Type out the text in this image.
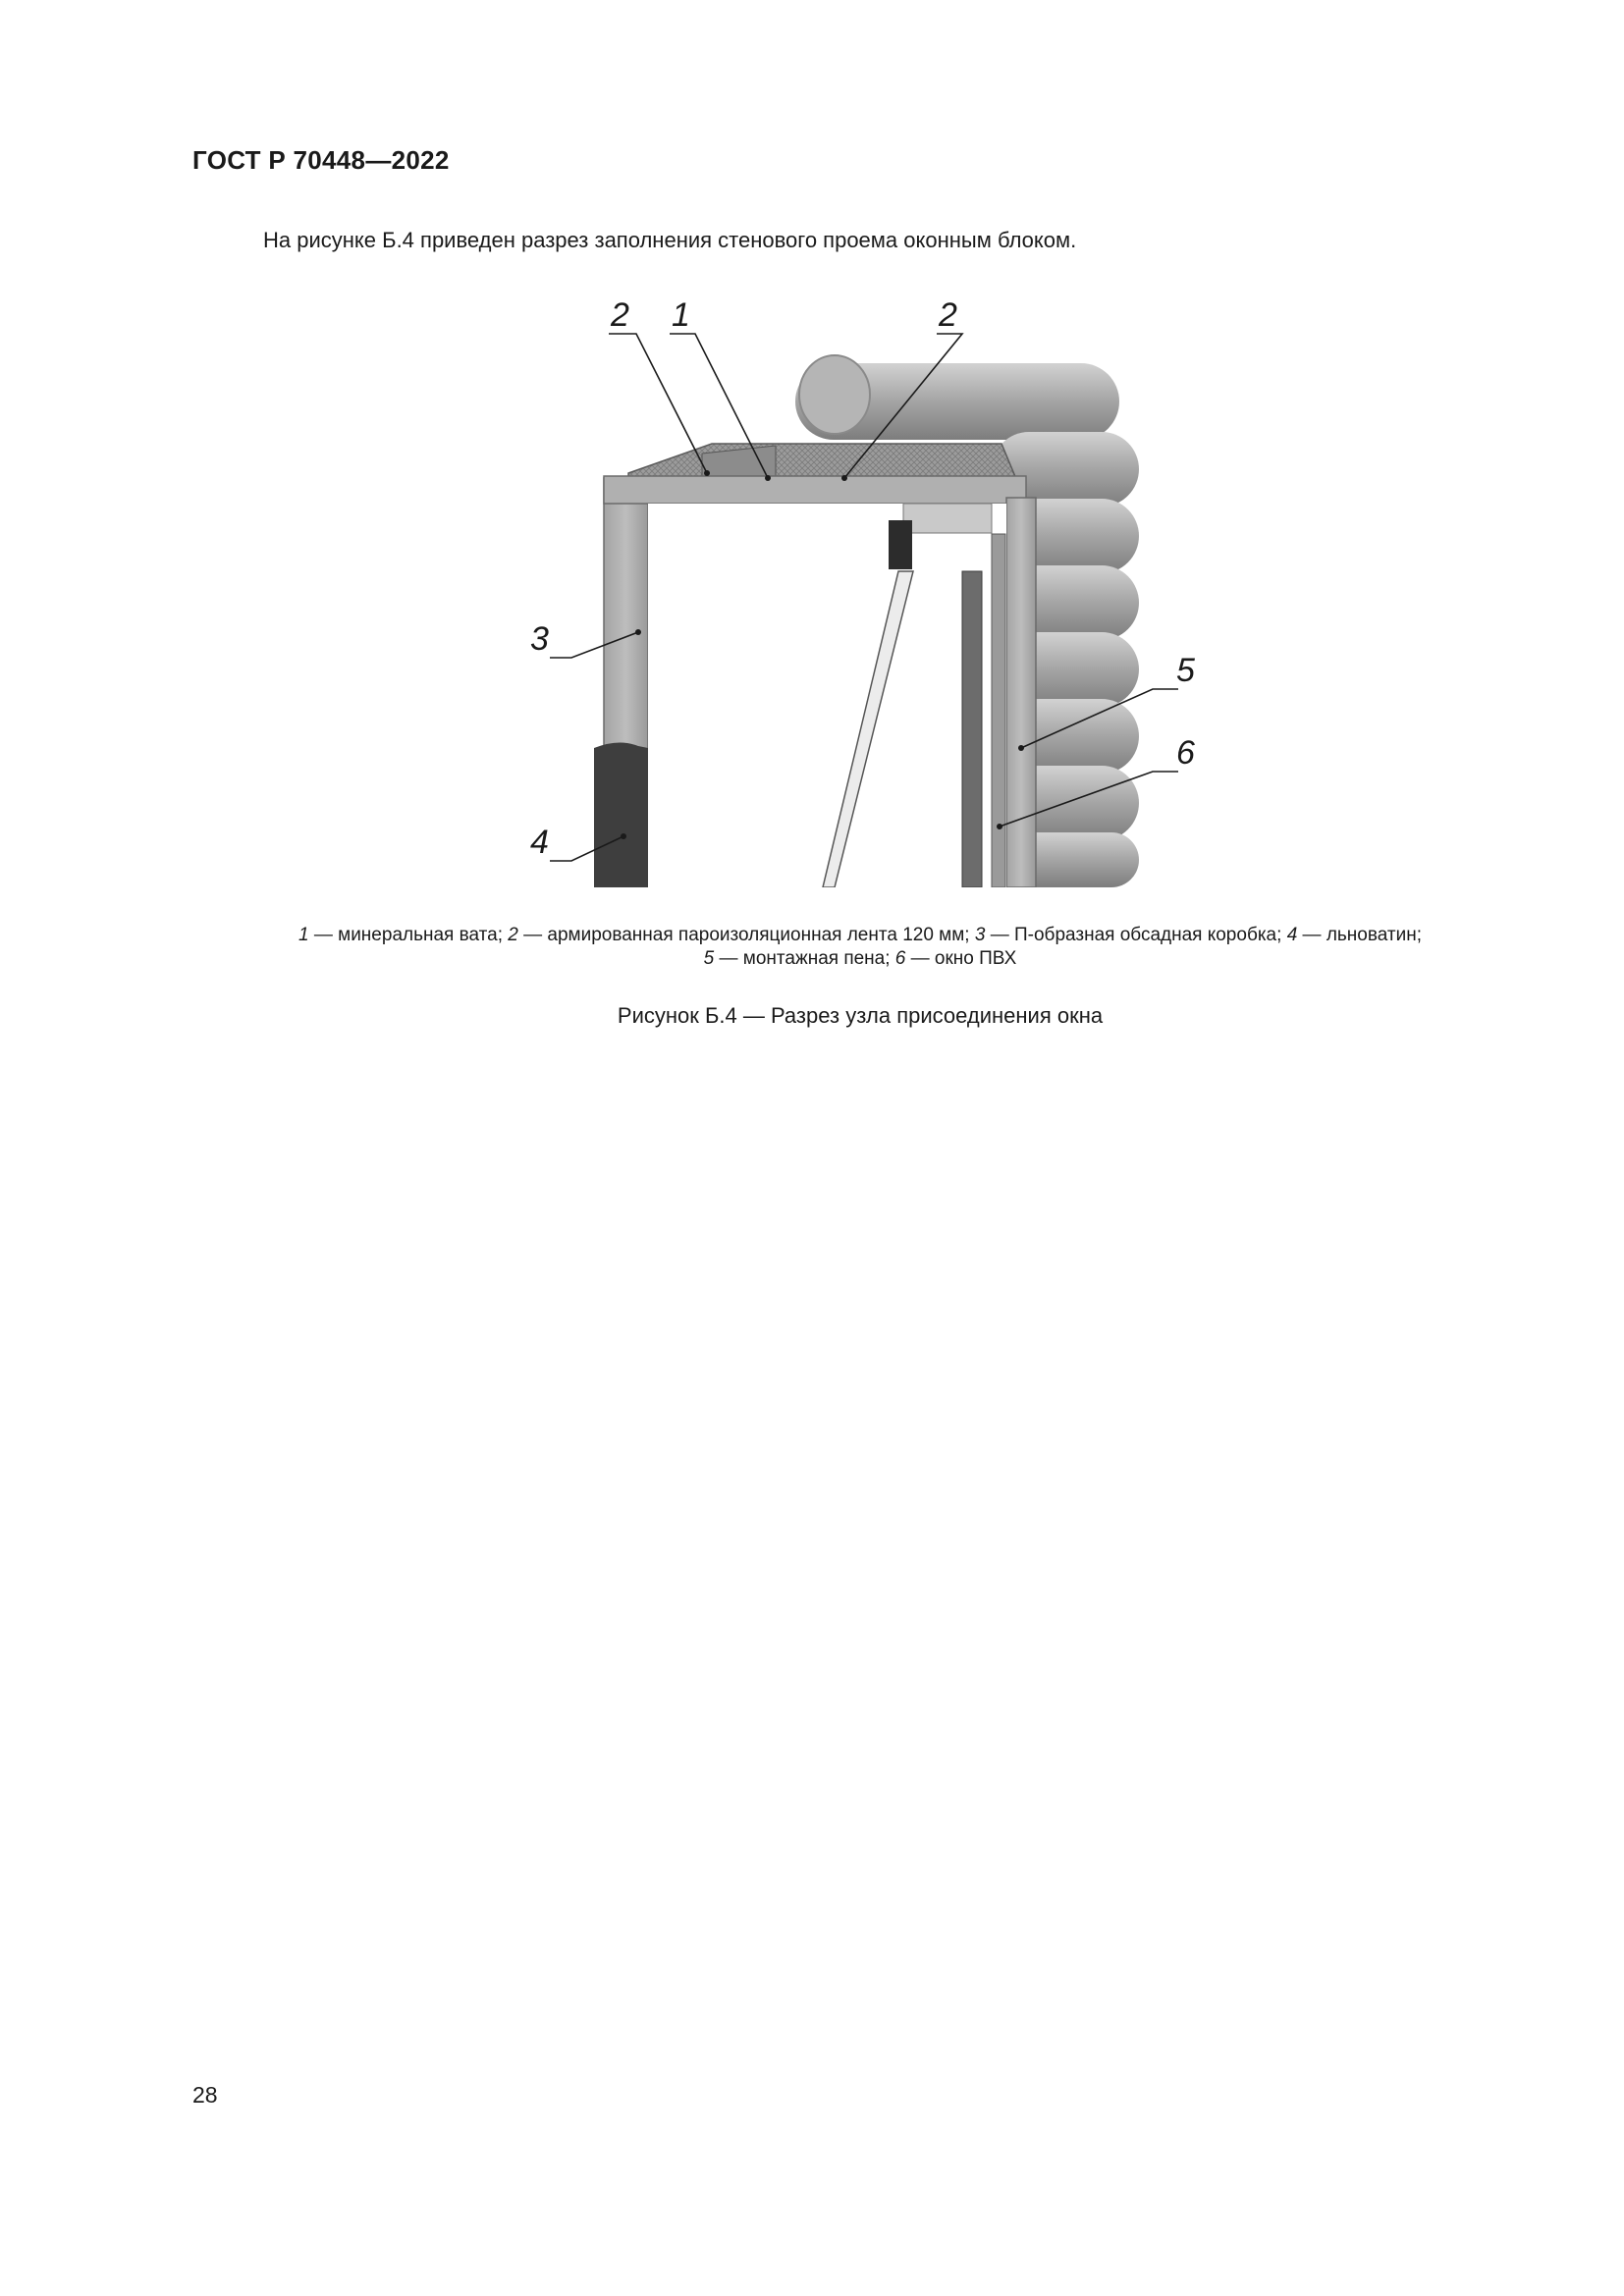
ГОСТ Р 70448—2022
На рисунке Б.4 приведен разрез заполнения стенового проема оконным блоком.
2 1	2
3
4
5
6
1 — минеральная вата; 2 — армированная пароизоляционная лента 120 мм; 3 — П-образная обсадная коробка; 4 — льноватин;
5 — монтажная пена; 6 — окно ПВХ
Рисунок Б.4 — Разрез узла присоединения окна
28
